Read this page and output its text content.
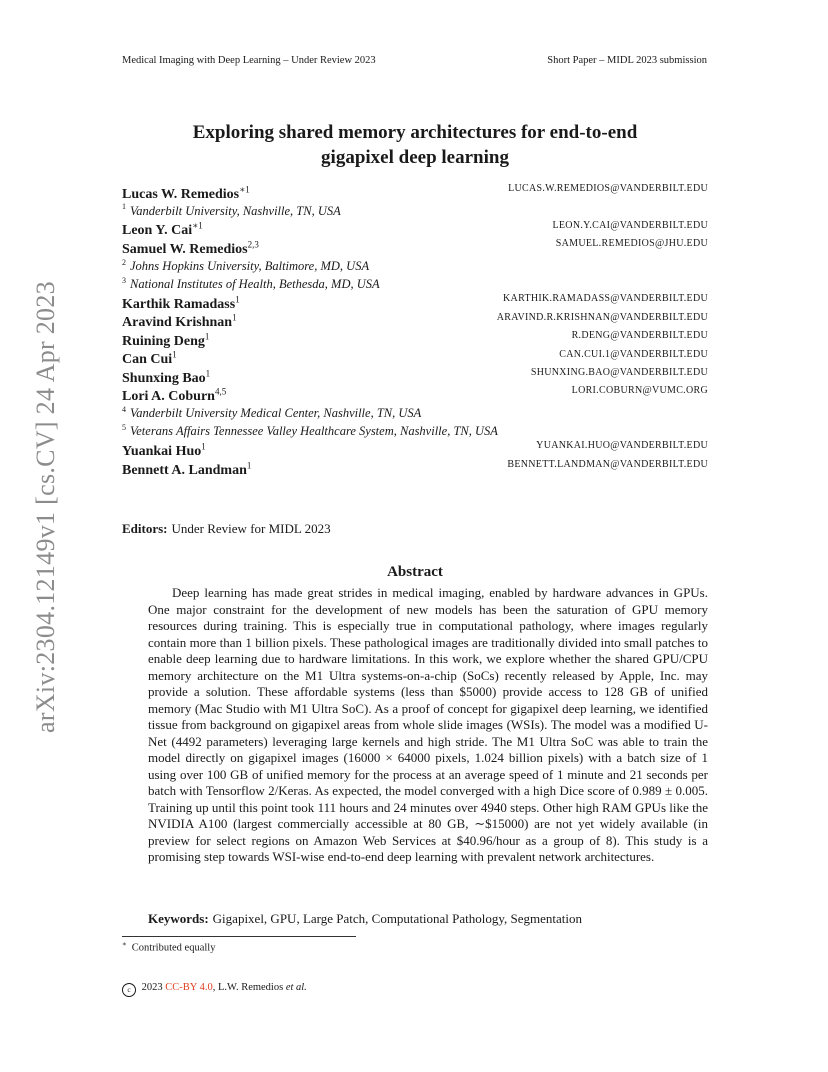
Medical Imaging with Deep Learning – Under Review 2023	Short Paper – MIDL 2023 submission
arXiv:2304.12149v1 [cs.CV] 24 Apr 2023
Exploring shared memory architectures for end-to-end
gigapixel deep learning
Lucas W. Remedios$^{∗1}$	LUCAS.W.REMEDIOS@VANDERBILT.EDU
$^1$ Vanderbilt University, Nashville, TN, USA
Leon Y. Cai$^{∗1}$	LEON.Y.CAI@VANDERBILT.EDU
Samuel W. Remedios$^{2,3}$	SAMUEL.REMEDIOS@JHU.EDU
$^2$ Johns Hopkins University, Baltimore, MD, USA
$^3$ National Institutes of Health, Bethesda, MD, USA
Karthik Ramadass$^1$	KARTHIK.RAMADASS@VANDERBILT.EDU
Aravind Krishnan$^1$	ARAVIND.R.KRISHNAN@VANDERBILT.EDU
Ruining Deng$^1$	R.DENG@VANDERBILT.EDU
Can Cui$^1$	CAN.CUI.1@VANDERBILT.EDU
Shunxing Bao$^1$	SHUNXING.BAO@VANDERBILT.EDU
Lori A. Coburn$^{4,5}$	LORI.COBURN@VUMC.ORG
$^4$ Vanderbilt University Medical Center, Nashville, TN, USA
$^5$ Veterans Affairs Tennessee Valley Healthcare System, Nashville, TN, USA
Yuankai Huo$^1$	YUANKAI.HUO@VANDERBILT.EDU
Bennett A. Landman$^1$	BENNETT.LANDMAN@VANDERBILT.EDU
Editors: Under Review for MIDL 2023
Abstract

Deep learning has made great strides in medical imaging, enabled by hardware advances in GPUs. One major constraint for the development of new models has been the saturation of GPU memory resources during training. This is especially true in computational pathology, where images regularly contain more than 1 billion pixels. These pathological images are traditionally divided into small patches to enable deep learning due to hardware limitations. In this work, we explore whether the shared GPU/CPU memory architecture on the M1 Ultra systems-on-a-chip (SoCs) recently released by Apple, Inc. may provide a solution. These affordable systems (less than $5000) provide access to 128 GB of unified memory (Mac Studio with M1 Ultra SoC). As a proof of concept for gigapixel deep learning, we identified tissue from background on gigapixel areas from whole slide images (WSIs). The model was a modified U-Net (4492 parameters) leveraging large kernels and high stride. The M1 Ultra SoC was able to train the model directly on gigapixel images (16000 × 64000 pixels, 1.024 billion pixels) with a batch size of 1 using over 100 GB of unified memory for the process at an average speed of 1 minute and 21 seconds per batch with Tensorflow 2/Keras. As expected, the model converged with a high Dice score of 0.989 ± 0.005. Training up until this point took 111 hours and 24 minutes over 4940 steps. Other high RAM GPUs like the NVIDIA A100 (largest commercially accessible at 80 GB, ∼$15000) are not yet widely available (in preview for select regions on Amazon Web Services at $40.96/hour as a group of 8). This study is a promising step towards WSI-wise end-to-end deep learning with prevalent network architectures.

Keywords: Gigapixel, GPU, Large Patch, Computational Pathology, Segmentation
∗ Contributed equally
c 2023 CC-BY 4.0, L.W. Remedios et al.
